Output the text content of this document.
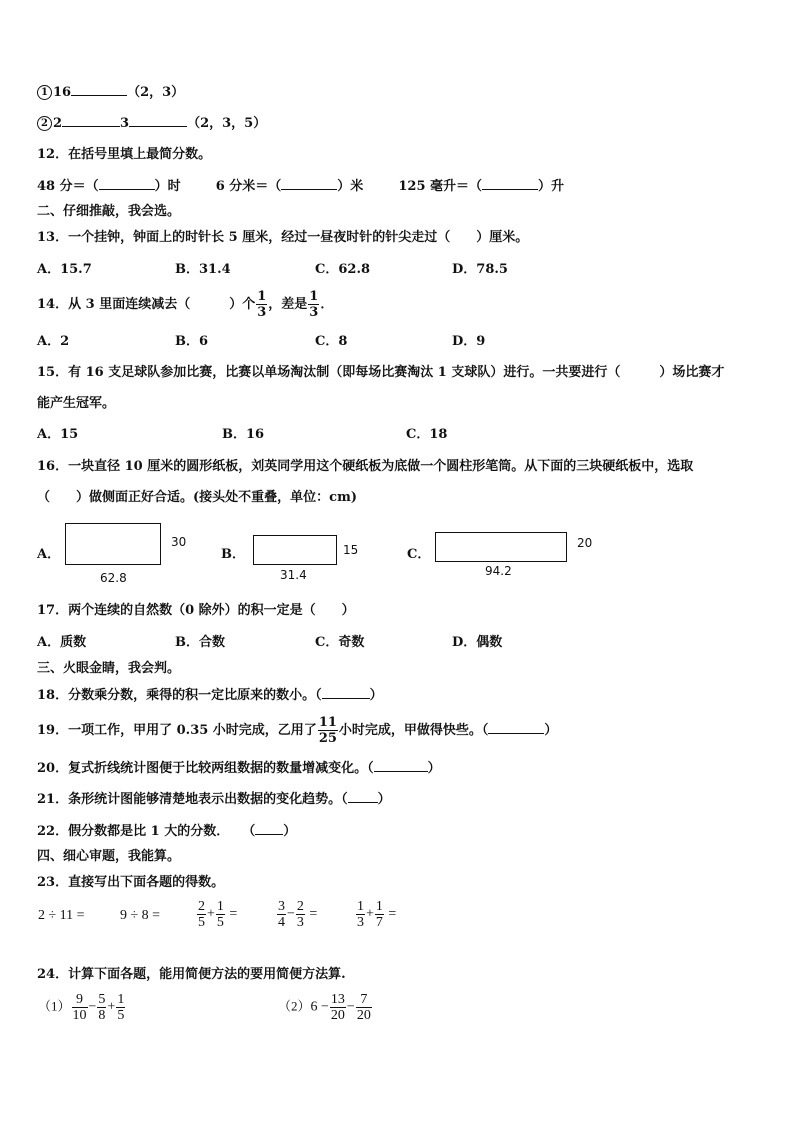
1 16	（2，3）
2 2	3	（2，3，5）
12．在括号里填上最简分数。
48 分＝（	）时	6 分米＝（	）米	125 毫升＝（	）升
二、仔细推敲，我会选。
13．一个挂钟，钟面上的时针长 5 厘米，经过一昼夜时针的针尖走过（　　）厘米。
A．15.7	B．31.4	C．62.8	D．78.5
14．从 3 里面连续减去（　　　）个 $\frac{1}{3}$ ，差是 $\frac{1}{3}$ ．
A．2	B．6	C．8	D．9
15．有 16 支足球队参加比赛，比赛以单场淘汰制（即每场比赛淘汰 1 支球队）进行。一共要进行（　　　）场比赛才
能产生冠军。
A．15	B．16	C．18
16．一块直径 10 厘米的圆形纸板，刘英同学用这个硬纸板为底做一个圆柱形笔筒。从下面的三块硬纸板中，选取
（　　）做侧面正好合适。(接头处不重叠，单位：cm)
A．
30
62.8
B．	15
31.4
C．
20
94.2
17．两个连续的自然数（0 除外）的积一定是（　　）
A．质数	B．合数	C．奇数	D．偶数
三、火眼金睛，我会判。
18．分数乘分数，乘得的积一定比原来的数小。（	）
19．一项工作，甲用了 0.35 小时完成，乙用了 $\frac{11}{25}$ 小时完成，甲做得快些。（	）
20．复式折线统计图便于比较两组数据的数量增减变化。（	）
21．条形统计图能够清楚地表示出数据的变化趋势。（ ）
22．假分数都是比 1 大的分数．　　（ ）
四、细心审题，我能算。
23．直接写出下面各题的得数。
2 ÷ 11 =	9 ÷ 8 =	$\frac{2}{5} + \frac{1}{5}$ =	$\frac{3}{4} - \frac{2}{3}$ =	$\frac{1}{3} + \frac{1}{7}$ =
24．计算下面各题，能用简便方法的要用简便方法算.
$(1) \frac{9}{10} - \frac{5}{8} + \frac{1}{5}$	$(2)6 - \frac{13}{20} - \frac{7}{20}$
